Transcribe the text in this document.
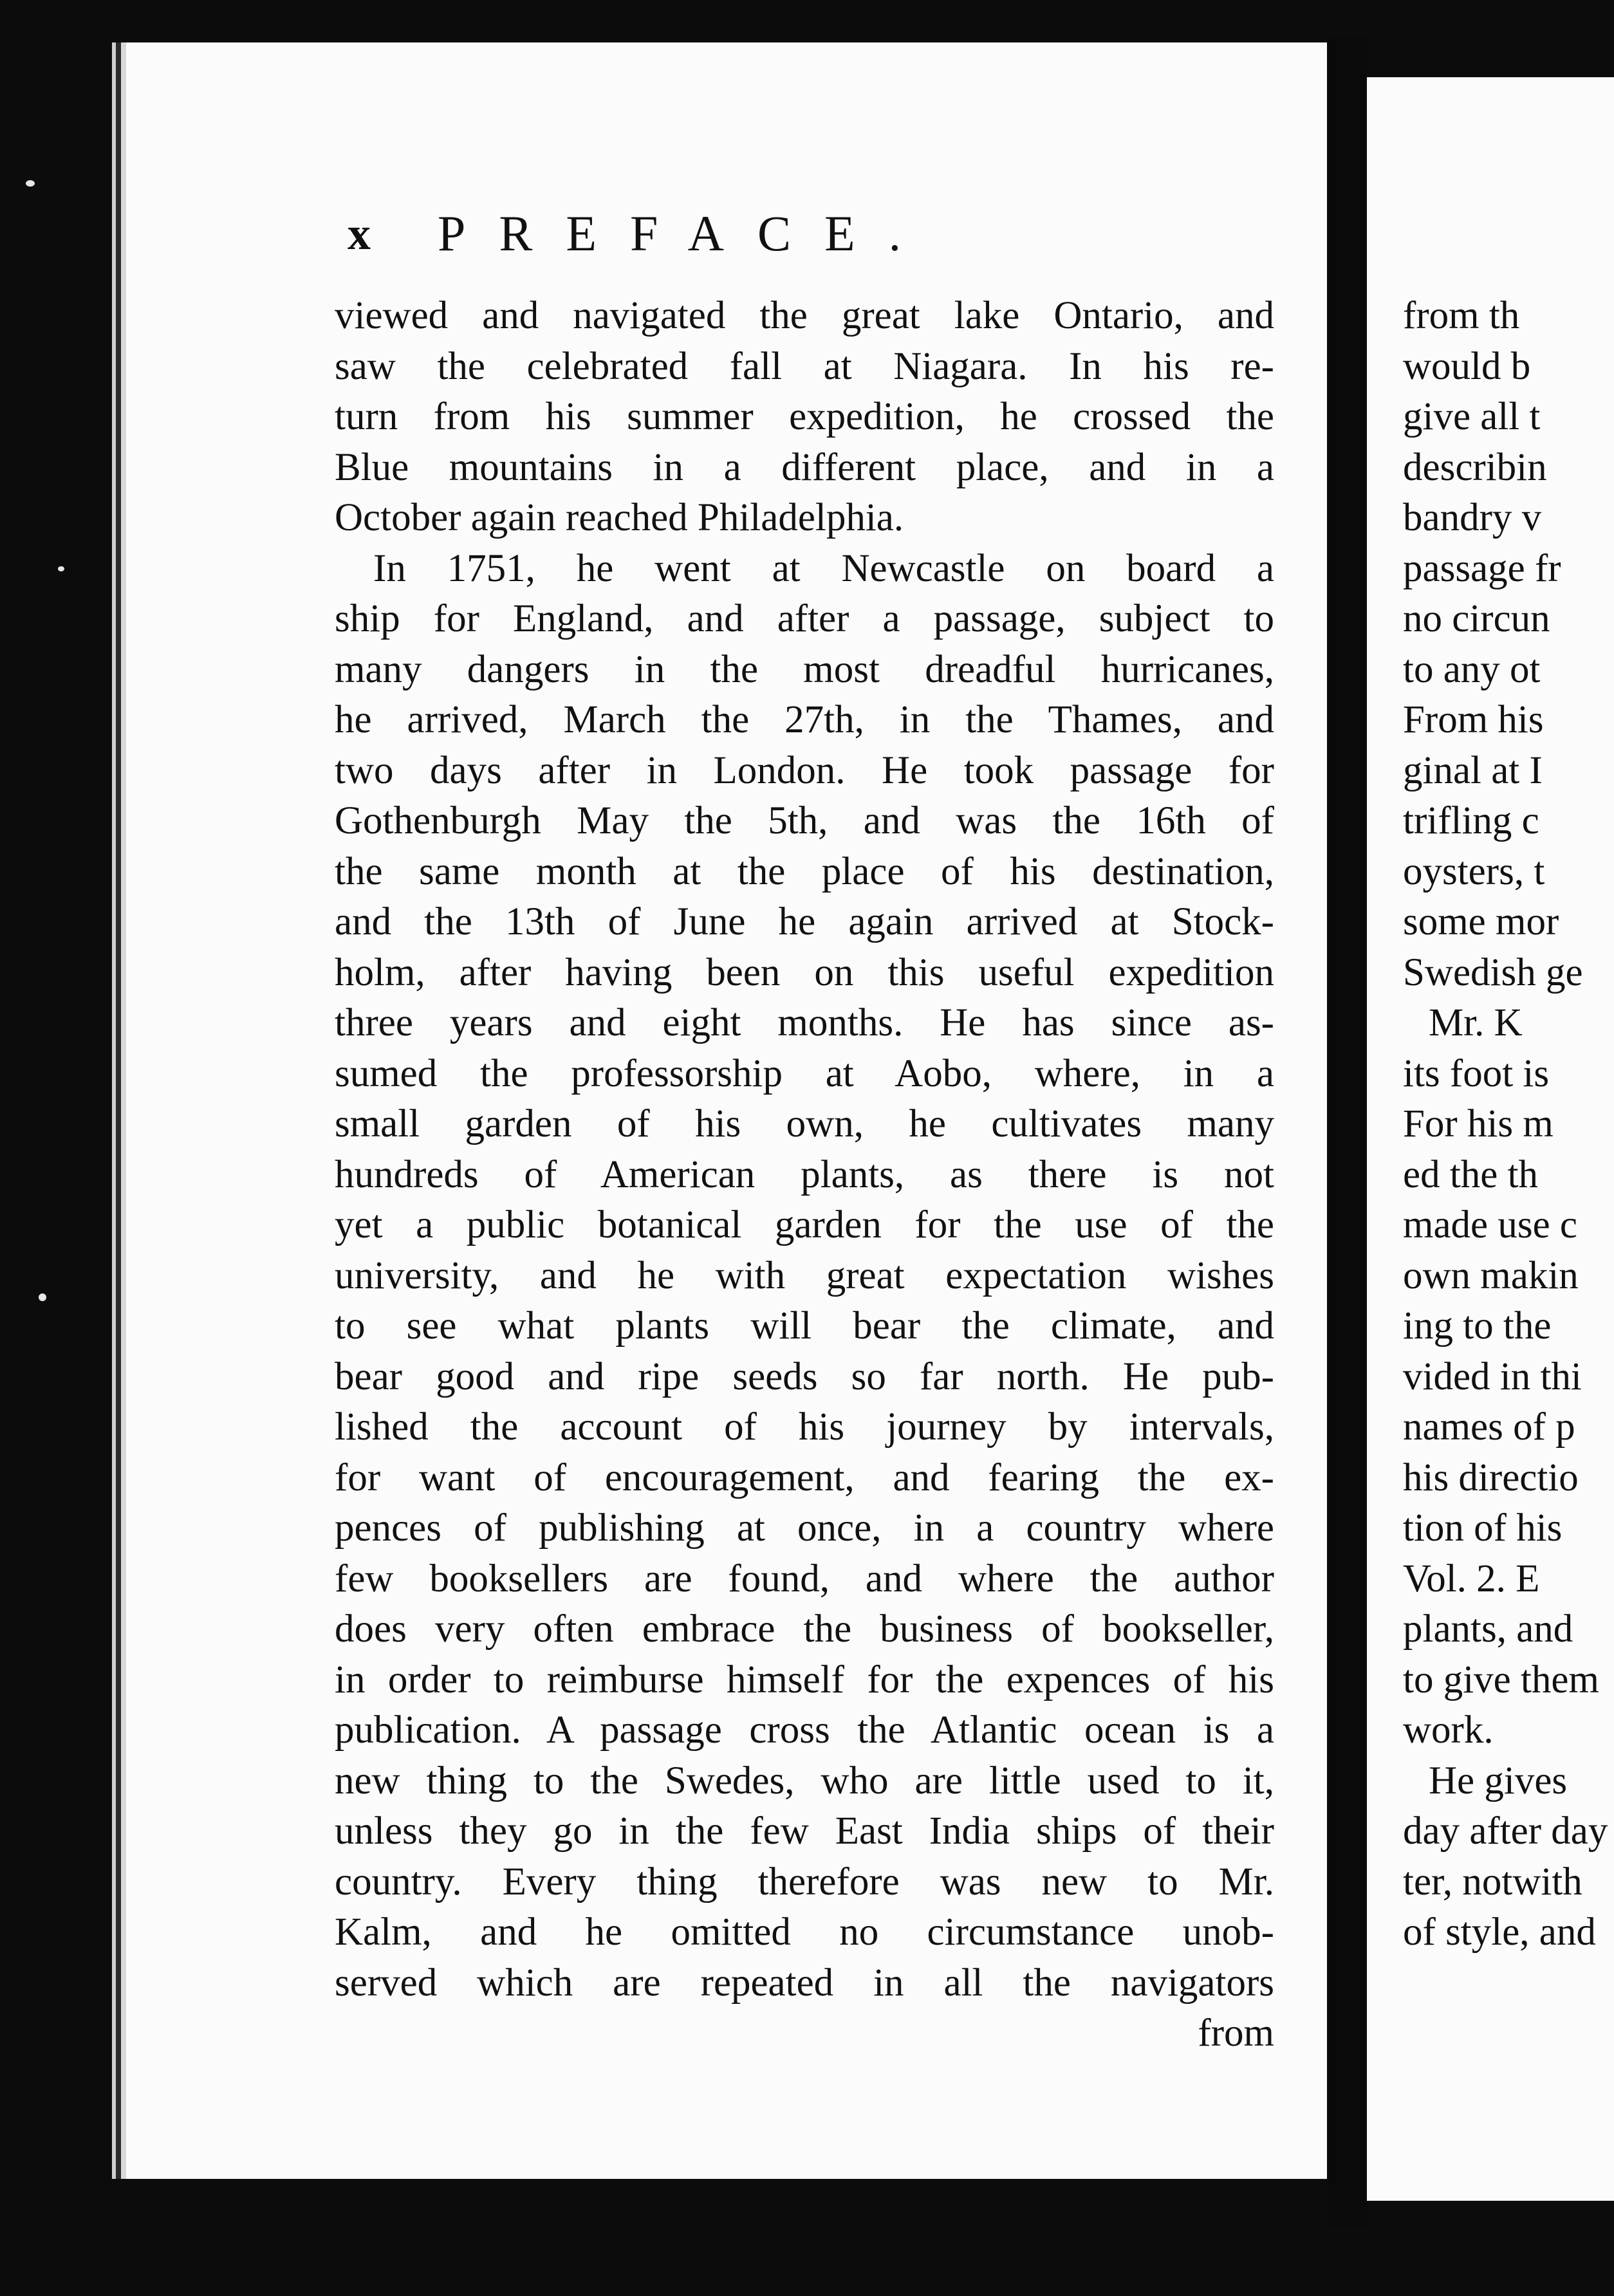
x	PREFACE.
viewed and navigated the great lake Ontario, and
saw the celebrated fall at Niagara. In his re-
turn from his summer expedition, he crossed the
Blue mountains in a different place, and in a
October again reached Philadelphia.
In 1751, he went at Newcastle on board a
ship for England, and after a passage, subject to
many dangers in the most dreadful hurricanes,
he arrived, March the 27th, in the Thames, and
two days after in London. He took passage for
Gothenburgh May the 5th, and was the 16th of
the same month at the place of his destination,
and the 13th of June he again arrived at Stock-
holm, after having been on this useful expedition
three years and eight months. He has since as-
sumed the professorship at Aobo, where, in a
small garden of his own, he cultivates many
hundreds of American plants, as there is not
yet a public botanical garden for the use of the
university, and he with great expectation wishes
to see what plants will bear the climate, and
bear good and ripe seeds so far north. He pub-
lished the account of his journey by intervals,
for want of encouragement, and fearing the ex-
pences of publishing at once, in a country where
few booksellers are found, and where the author
does very often embrace the business of bookseller,
in order to reimburse himself for the expences of his
publication. A passage cross the Atlantic ocean is a
new thing to the Swedes, who are little used to it,
unless they go in the few East India ships of their
country. Every thing therefore was new to Mr.
Kalm, and he omitted no circumstance unob-
served which are repeated in all the navigators
from
from th
would b
give all t
describin
bandry v
passage fr
no circun
to any ot
From his
ginal at I
trifling c
oysters, t
some mor
Swedish ge
Mr. K
its foot is
For his m
ed the th
made use c
own makin
ing to the
vided in thi
names of p
his directio
tion of his
Vol. 2. E
plants, and
to give them
work.
He gives
day after day
ter, notwith
of style, and
